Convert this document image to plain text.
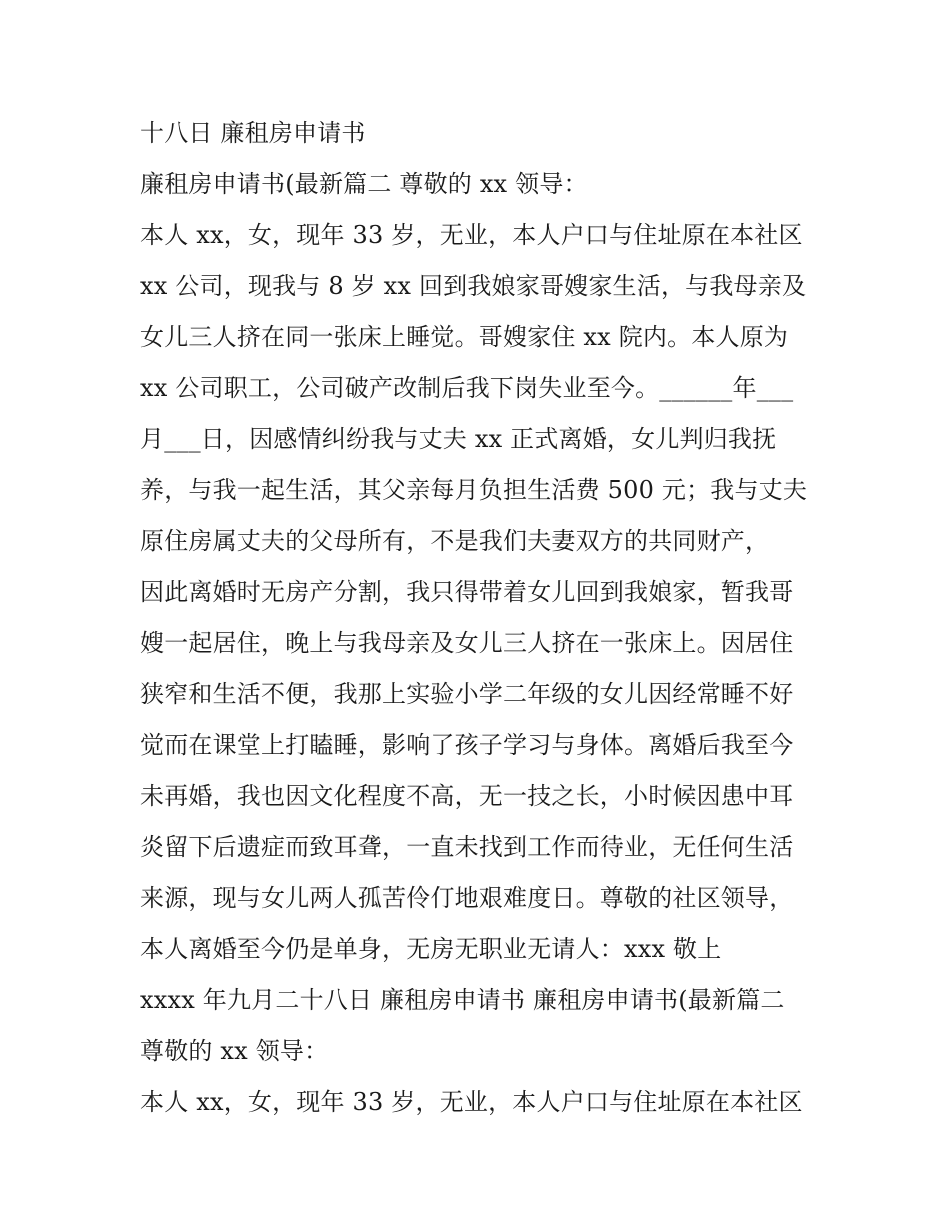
十八日 廉租房申请书
廉租房申请书(最新篇二 尊敬的 xx 领导：
本人 xx，女，现年 33 岁，无业，本人户口与住址原在本社区
xx 公司，现我与 8 岁 xx 回到我娘家哥嫂家生活，与我母亲及
女儿三人挤在同一张床上睡觉。哥嫂家住 xx 院内。本人原为
xx 公司职工，公司破产改制后我下岗失业至今。______年___
月___日，因感情纠纷我与丈夫 xx 正式离婚，女儿判归我抚
养，与我一起生活，其父亲每月负担生活费 500 元；我与丈夫
原住房属丈夫的父母所有，不是我们夫妻双方的共同财产，
因此离婚时无房产分割，我只得带着女儿回到我娘家，暂我哥
嫂一起居住，晚上与我母亲及女儿三人挤在一张床上。因居住
狭窄和生活不便，我那上实验小学二年级的女儿因经常睡不好
觉而在课堂上打瞌睡，影响了孩子学习与身体。离婚后我至今
未再婚，我也因文化程度不高，无一技之长，小时候因患中耳
炎留下后遗症而致耳聋，一直未找到工作而待业，无任何生活
来源，现与女儿两人孤苦伶仃地艰难度日。尊敬的社区领导，
本人离婚至今仍是单身，无房无职业无请人：xxx 敬上
xxxx 年九月二十八日 廉租房申请书 廉租房申请书(最新篇二
尊敬的 xx 领导：
本人 xx，女，现年 33 岁，无业，本人户口与住址原在本社区
